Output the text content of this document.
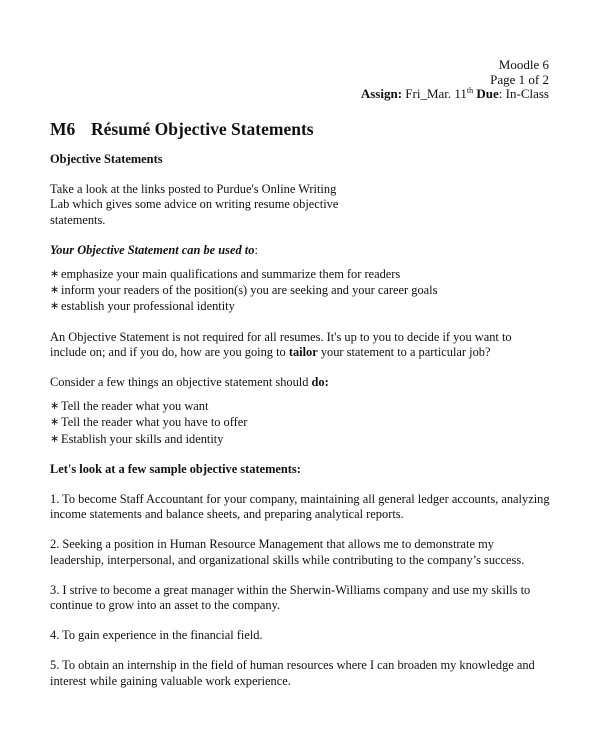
Moodle 6
Page 1 of 2
Assign: Fri_Mar. 11th Due: In-Class
M6 Résumé Objective Statements

Objective Statements

Take a look at the links posted to Purdue's Online Writing Lab which gives some advice on writing resume objective statements.

Your Objective Statement can be used to:

∗ emphasize your main qualifications and summarize them for readers
∗ inform your readers of the position(s) you are seeking and your career goals
∗ establish your professional identity

An Objective Statement is not required for all resumes. It's up to you to decide if you want to include on; and if you do, how are you going to tailor your statement to a particular job?

Consider a few things an objective statement should do:

∗ Tell the reader what you want
∗ Tell the reader what you have to offer
∗ Establish your skills and identity

Let's look at a few sample objective statements:

1. To become Staff Accountant for your company, maintaining all general ledger accounts, analyzing income statements and balance sheets, and preparing analytical reports.
2. Seeking a position in Human Resource Management that allows me to demonstrate my leadership, interpersonal, and organizational skills while contributing to the company’s success.
3. I strive to become a great manager within the Sherwin-Williams company and use my skills to continue to grow into an asset to the company.
4. To gain experience in the financial field.
5. To obtain an internship in the field of human resources where I can broaden my knowledge and interest while gaining valuable work experience.
